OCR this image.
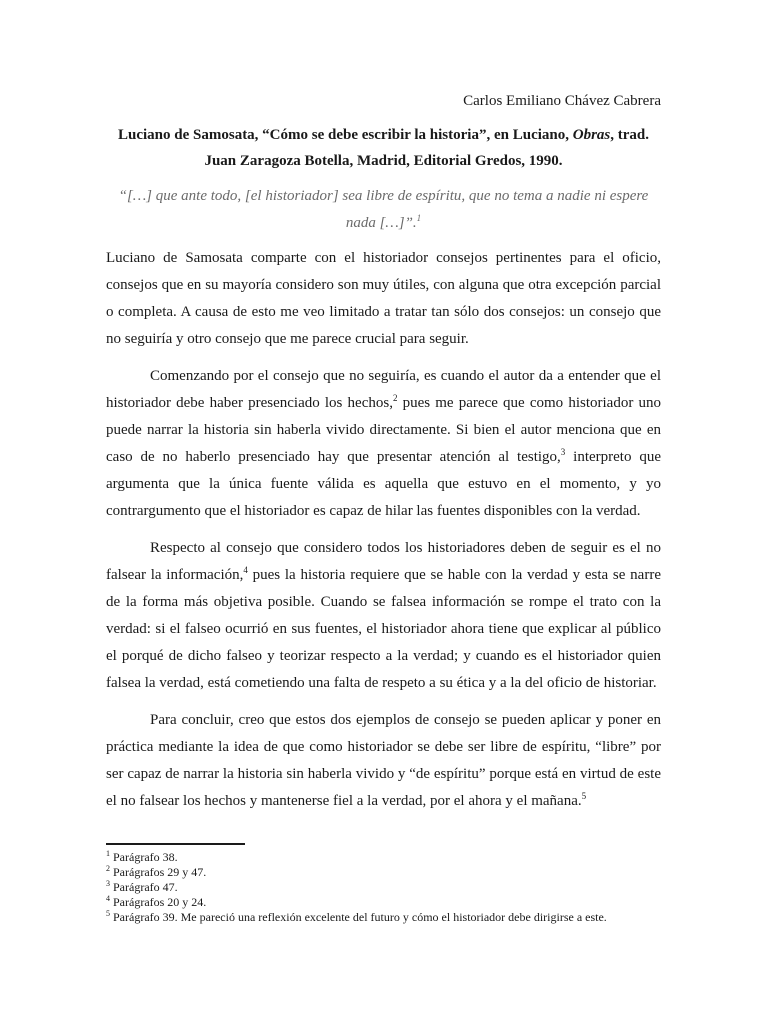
Carlos Emiliano Chávez Cabrera

Luciano de Samosata, “Cómo se debe escribir la historia”, en Luciano, Obras, trad. Juan Zaragoza Botella, Madrid, Editorial Gredos, 1990.

“[…] que ante todo, [el historiador] sea libre de espíritu, que no tema a nadie ni espere nada […]”.$^1$

Luciano de Samosata comparte con el historiador consejos pertinentes para el oficio, consejos que en su mayoría considero son muy útiles, con alguna que otra excepción parcial o completa. A causa de esto me veo limitado a tratar tan sólo dos consejos: un consejo que no seguiría y otro consejo que me parece crucial para seguir.

Comenzando por el consejo que no seguiría, es cuando el autor da a entender que el historiador debe haber presenciado los hechos,$^2$ pues me parece que como historiador uno puede narrar la historia sin haberla vivido directamente. Si bien el autor menciona que en caso de no haberlo presenciado hay que presentar atención al testigo,$^3$ interpreto que argumenta que la única fuente válida es aquella que estuvo en el momento, y yo contrargumento que el historiador es capaz de hilar las fuentes disponibles con la verdad.

Respecto al consejo que considero todos los historiadores deben de seguir es el no falsear la información,$^4$ pues la historia requiere que se hable con la verdad y esta se narre de la forma más objetiva posible. Cuando se falsea información se rompe el trato con la verdad: si el falseo ocurrió en sus fuentes, el historiador ahora tiene que explicar al público el porqué de dicho falseo y teorizar respecto a la verdad; y cuando es el historiador quien falsea la verdad, está cometiendo una falta de respeto a su ética y a la del oficio de historiar.

Para concluir, creo que estos dos ejemplos de consejo se pueden aplicar y poner en práctica mediante la idea de que como historiador se debe ser libre de espíritu, “libre” por ser capaz de narrar la historia sin haberla vivido y “de espíritu” porque está en virtud de este el no falsear los hechos y mantenerse fiel a la verdad, por el ahora y el mañana.$^5$

$^1$ Parágrafo 38.
$^2$ Parágrafos 29 y 47.
$^3$ Parágrafo 47.
$^4$ Parágrafos 20 y 24.
$^5$ Parágrafo 39. Me pareció una reflexión excelente del futuro y cómo el historiador debe dirigirse a este.
